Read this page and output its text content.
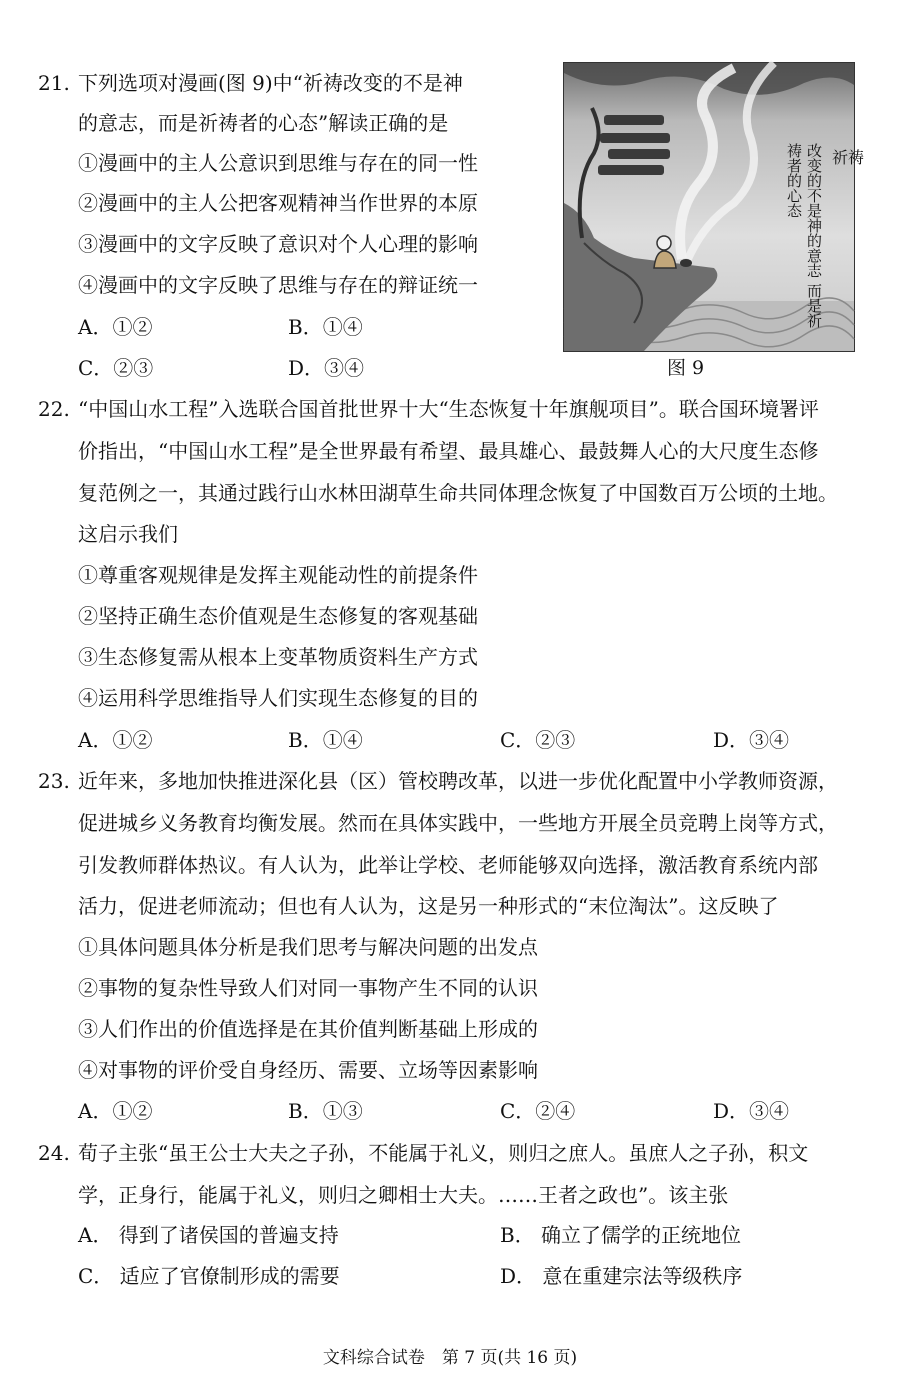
21. 下列选项对漫画(图 9)中“祈祷改变的不是神
的意志，而是祈祷者的心态”解读正确的是
①漫画中的主人公意识到思维与存在的同一性
②漫画中的主人公把客观精神当作世界的本原
③漫画中的文字反映了意识对个人心理的影响
④漫画中的文字反映了思维与存在的辩证统一
A．①②	B．①④
C．②③	D．③④
祈祷
改变的不是神的意志 而是祈祷者的心态
图 9
22. “中国山水工程”入选联合国首批世界十大“生态恢复十年旗舰项目”。联合国环境署评
价指出，“中国山水工程”是全世界最有希望、最具雄心、最鼓舞人心的大尺度生态修
复范例之一，其通过践行山水林田湖草生命共同体理念恢复了中国数百万公顷的土地。
这启示我们
①尊重客观规律是发挥主观能动性的前提条件
②坚持正确生态价值观是生态修复的客观基础
③生态修复需从根本上变革物质资料生产方式
④运用科学思维指导人们实现生态修复的目的
A．①②	B．①④	C．②③	D．③④
23. 近年来，多地加快推进深化县（区）管校聘改革，以进一步优化配置中小学教师资源，
促进城乡义务教育均衡发展。然而在具体实践中，一些地方开展全员竞聘上岗等方式，
引发教师群体热议。有人认为，此举让学校、老师能够双向选择，激活教育系统内部
活力，促进老师流动；但也有人认为，这是另一种形式的“末位淘汰”。这反映了
①具体问题具体分析是我们思考与解决问题的出发点
②事物的复杂性导致人们对同一事物产生不同的认识
③人们作出的价值选择是在其价值判断基础上形成的
④对事物的评价受自身经历、需要、立场等因素影响
A．①②	B．①③	C．②④	D．③④
24. 荀子主张“虽王公士大夫之子孙，不能属于礼义，则归之庶人。虽庶人之子孙，积文
学，正身行，能属于礼义，则归之卿相士大夫。……王者之政也”。该主张
A． 得到了诸侯国的普遍支持	B． 确立了儒学的正统地位
C． 适应了官僚制形成的需要	D． 意在重建宗法等级秩序
文科综合试卷　第 7 页(共 16 页)
